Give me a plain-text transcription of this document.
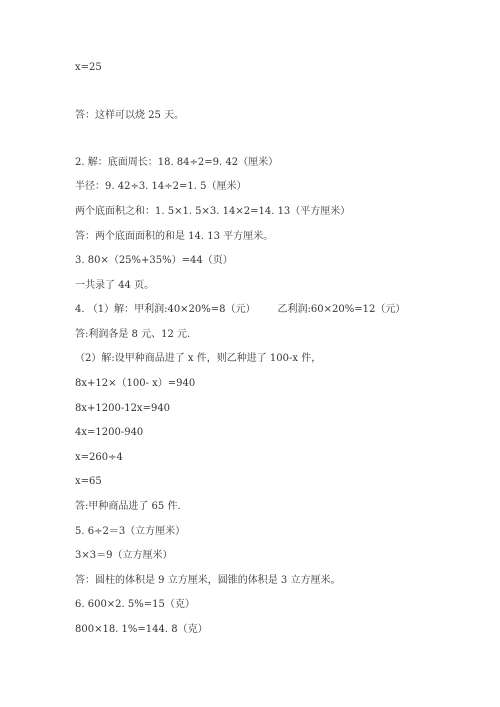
x=25
答：这样可以烧 25 天。
2. 解：底面周长：18. 84÷2=9. 42（厘米）
半径：9. 42÷3. 14÷2=1. 5（厘米）
两个底面积之和：1. 5×1. 5×3. 14×2=14. 13（平方厘米）
答：两个底面面积的和是 14. 13 平方厘米。
3. 80×（25%+35%）=44（页）
一共录了 44 页。
4. （1）解：甲利润:40×20%=8（元） 乙利润:60×20%=12（元）
答:利润各是 8 元、12 元.
（2）解:设甲种商品进了 x 件，则乙种进了 100-x 件，
8x+12×（100- x）=940
8x+1200-12x=940
4x=1200-940
x=260÷4
x=65
答:甲种商品进了 65 件.
5. 6÷2＝3（立方厘米）
3×3＝9（立方厘米）
答：圆柱的体积是 9 立方厘米，圆锥的体积是 3 立方厘米。
6. 600×2. 5%=15（克）
800×18. 1%=144. 8（克）
